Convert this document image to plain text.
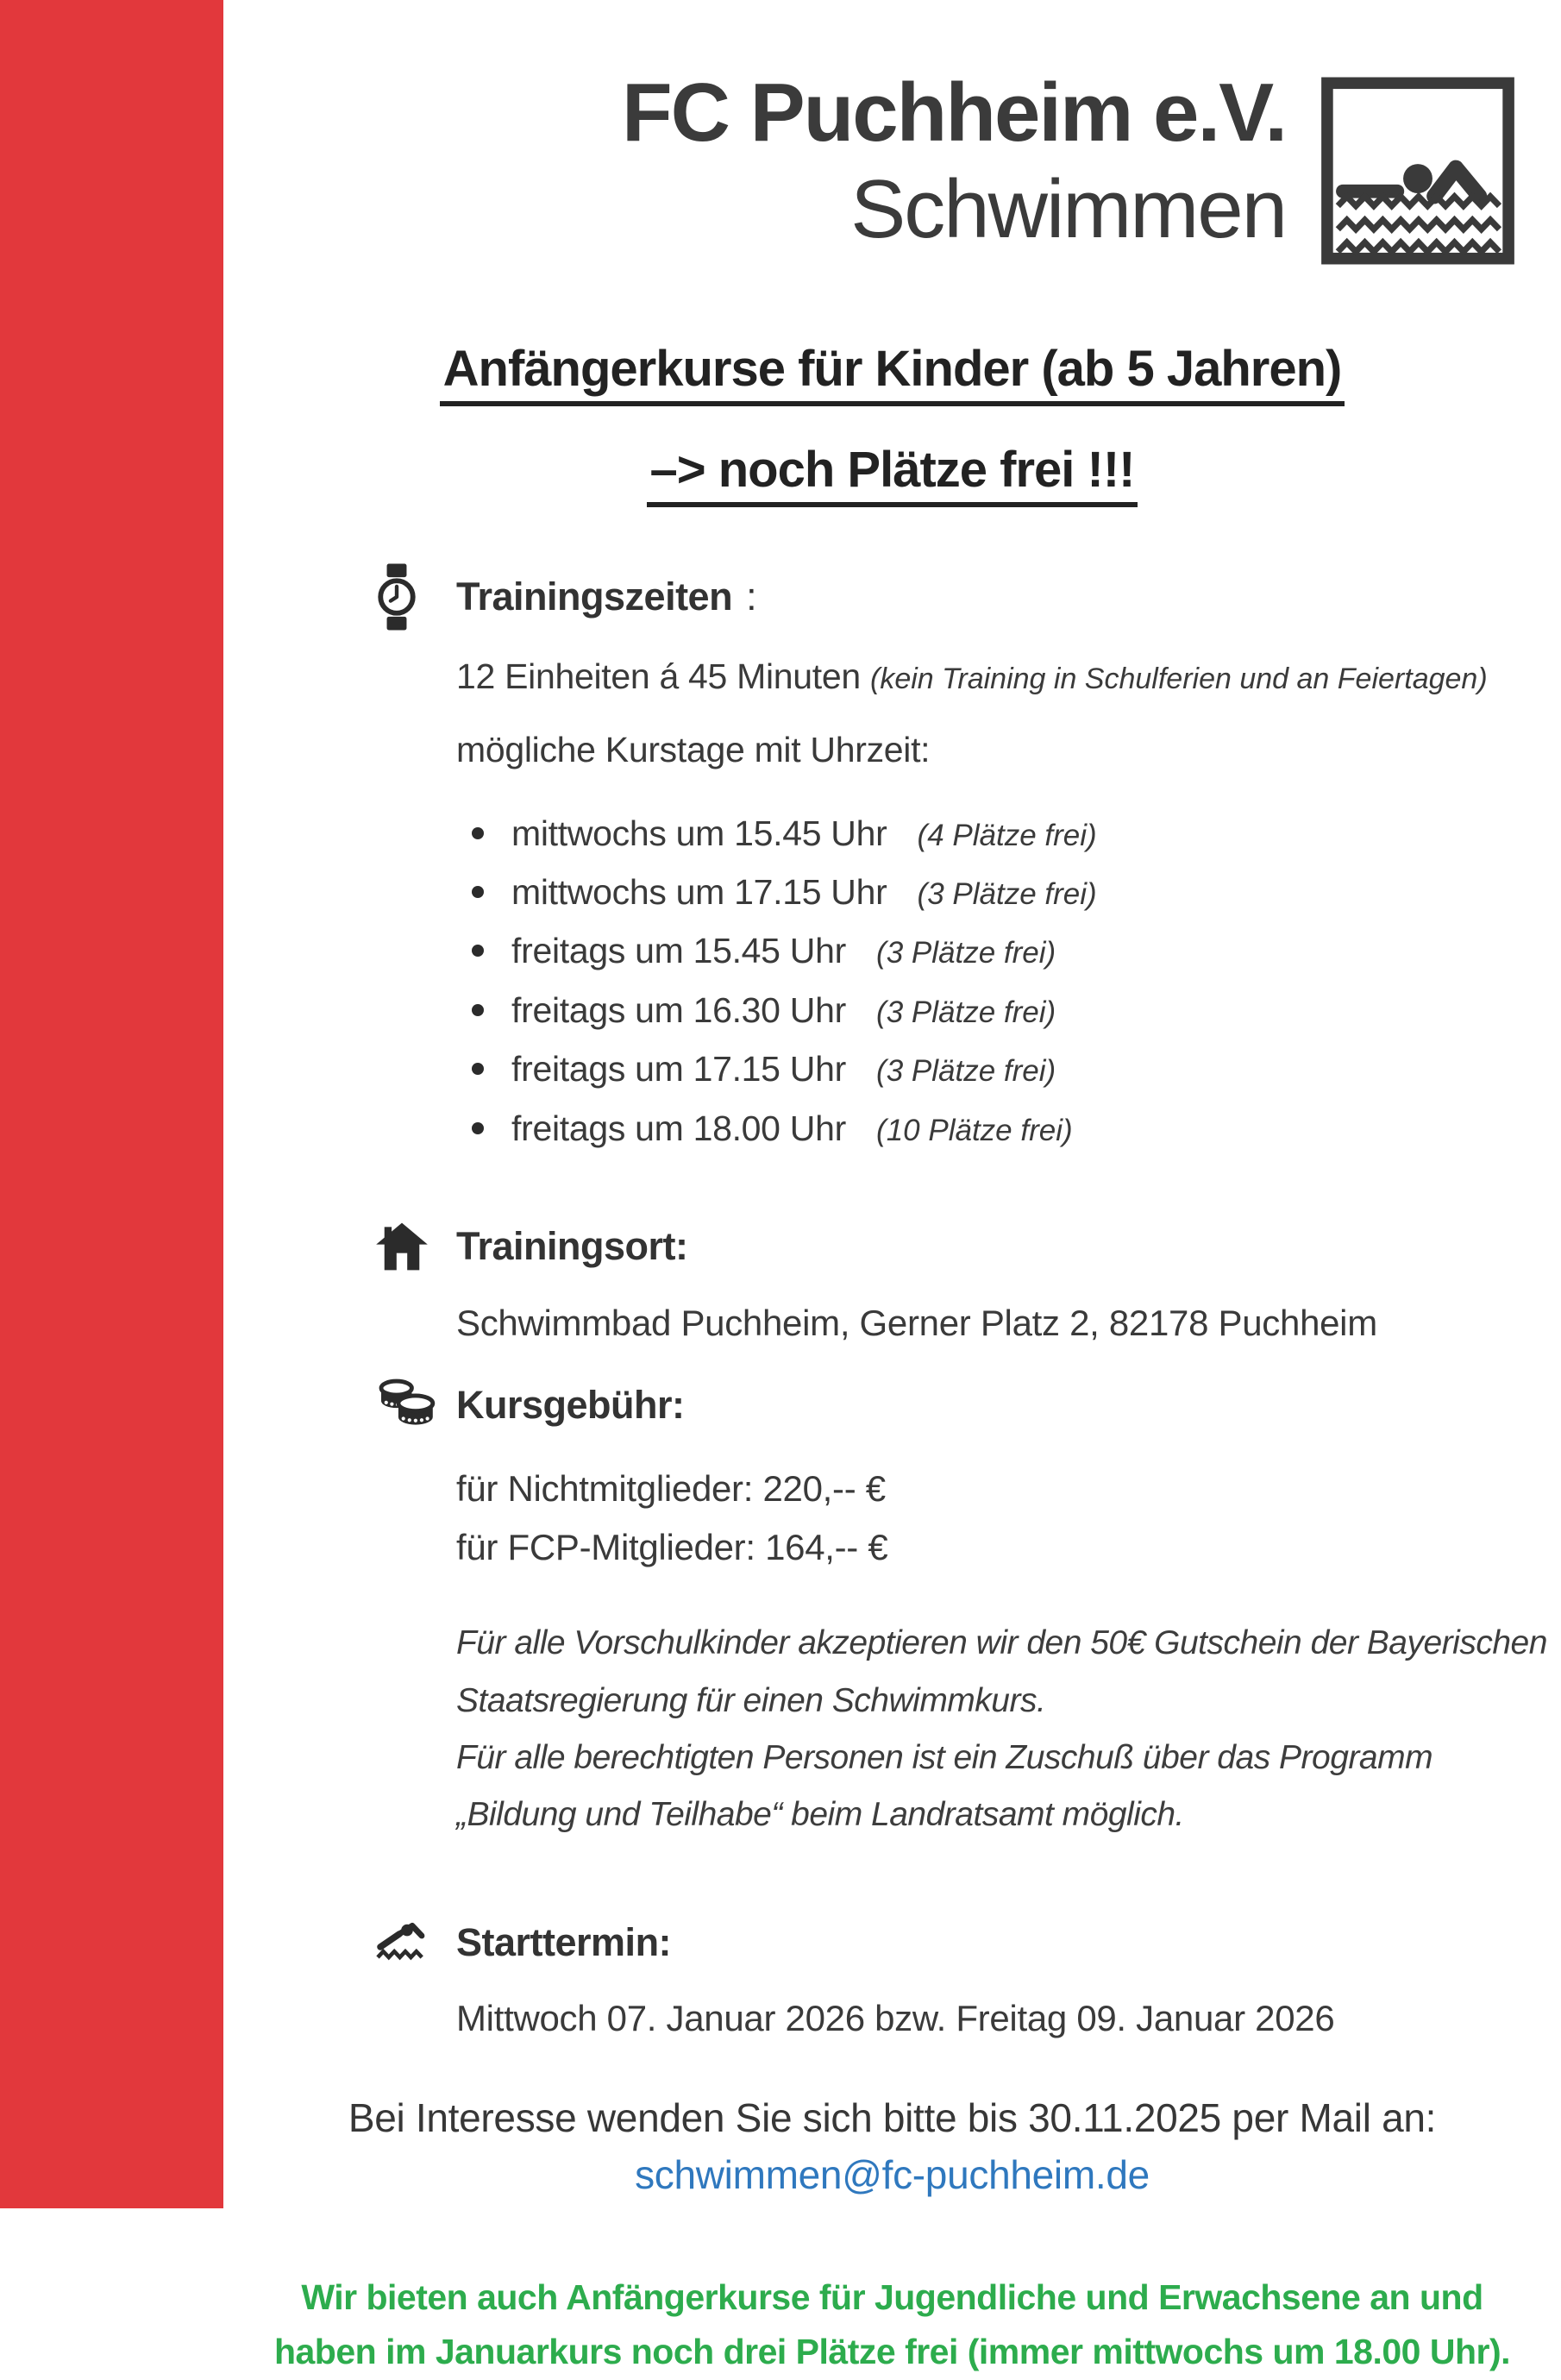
FC Puchheim e.V.
Schwimmen
Anfängerkurse für Kinder (ab 5 Jahren)
–> noch Plätze frei !!!
Trainingszeiten :
12 Einheiten á 45 Minuten (kein Training in Schulferien und an Feiertagen)
mögliche Kurstage mit Uhrzeit:
mittwochs um 15.45 Uhr (4 Plätze frei)
mittwochs um 17.15 Uhr (3 Plätze frei)
freitags um 15.45 Uhr (3 Plätze frei)
freitags um 16.30 Uhr (3 Plätze frei)
freitags um 17.15 Uhr (3 Plätze frei)
freitags um 18.00 Uhr (10 Plätze frei)
Trainingsort:
Schwimmbad Puchheim, Gerner Platz 2, 82178 Puchheim
Kursgebühr:
für Nichtmitglieder: 220,-- €
für FCP-Mitglieder: 164,-- €
Für alle Vorschulkinder akzeptieren wir den 50€ Gutschein der Bayerischen Staatsregierung für einen Schwimmkurs.
Für alle berechtigten Personen ist ein Zuschuß über das Programm „Bildung und Teilhabe“ beim Landratsamt möglich.
Starttermin:
Mittwoch 07. Januar 2026 bzw. Freitag 09. Januar 2026
Bei Interesse wenden Sie sich bitte bis 30.11.2025 per Mail an:
schwimmen@fc-puchheim.de
Wir bieten auch Anfängerkurse für Jugendliche und Erwachsene an und haben im Januarkurs noch drei Plätze frei (immer mittwochs um 18.00 Uhr).
